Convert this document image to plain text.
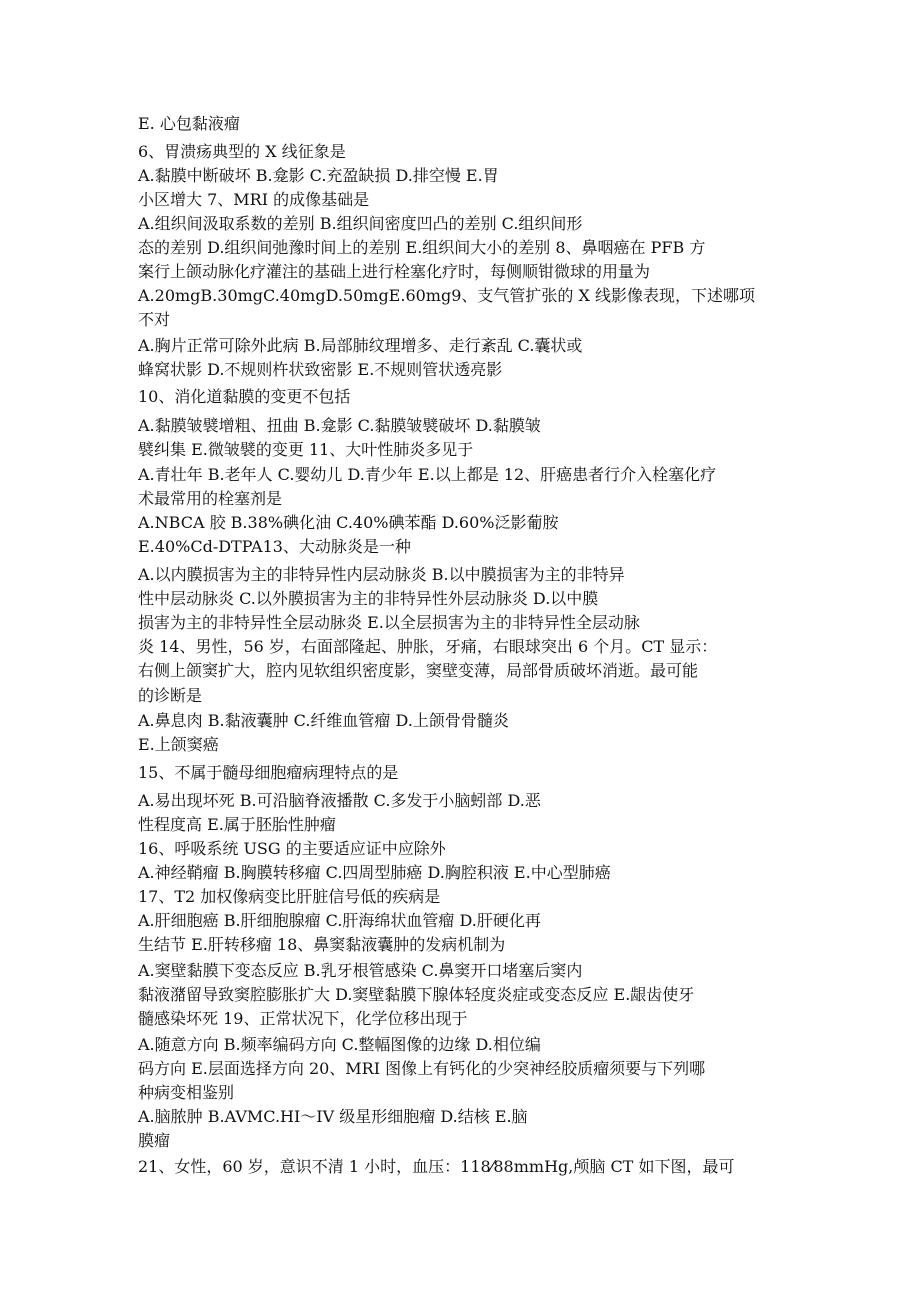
E. 心包黏液瘤
6、胃溃疡典型的 X 线征象是
A.黏膜中断破坏 B.龛影 C.充盈缺损 D.排空慢 E.胃
小区增大 7、MRI 的成像基础是
A.组织间汲取系数的差别 B.组织间密度凹凸的差别 C.组织间形
态的差别 D.组织间弛豫时间上的差别 E.组织间大小的差别 8、鼻咽癌在 PFB 方
案行上颌动脉化疗灌注的基础上进行栓塞化疗时，每侧顺钳微球的用量为
A.20mgB.30mgC.40mgD.50mgE.60mg9、支气管扩张的 X 线影像表现，下述哪项
不对
A.胸片正常可除外此病 B.局部肺纹理增多、走行紊乱 C.囊状或
蜂窝状影 D.不规则杵状致密影 E.不规则管状透亮影
10、消化道黏膜的变更不包括
A.黏膜皱襞增粗、扭曲 B.龛影 C.黏膜皱襞破坏 D.黏膜皱
襞纠集 E.微皱襞的变更 11、大叶性肺炎多见于
A.青壮年 B.老年人 C.婴幼儿 D.青少年 E.以上都是 12、肝癌患者行介入栓塞化疗
术最常用的栓塞剂是
A.NBCA 胶 B.38%碘化油 C.40%碘苯酯 D.60%泛影葡胺
E.40%Cd-DTPA13、大动脉炎是一种
A.以内膜损害为主的非特异性内层动脉炎 B.以中膜损害为主的非特异
性中层动脉炎 C.以外膜损害为主的非特异性外层动脉炎 D.以中膜
损害为主的非特异性全层动脉炎 E.以全层损害为主的非特异性全层动脉
炎 14、男性，56 岁，右面部隆起、肿胀，牙痛，右眼球突出 6 个月。CT 显示：
右侧上颌窦扩大，腔内见软组织密度影，窦壁变薄，局部骨质破坏消逝。最可能
的诊断是
A.鼻息肉 B.黏液囊肿 C.纤维血管瘤 D.上颌骨骨髓炎
E.上颌窦癌
15、不属于髓母细胞瘤病理特点的是
A.易出现坏死 B.可沿脑脊液播散 C.多发于小脑蚓部 D.恶
性程度高 E.属于胚胎性肿瘤
16、呼吸系统 USG 的主要适应证中应除外
A.神经鞘瘤 B.胸膜转移瘤 C.四周型肺癌 D.胸腔积液 E.中心型肺癌
17、T2 加权像病变比肝脏信号低的疾病是
A.肝细胞癌 B.肝细胞腺瘤 C.肝海绵状血管瘤 D.肝硬化再
生结节 E.肝转移瘤 18、鼻窦黏液囊肿的发病机制为
A.窦壁黏膜下变态反应 B.乳牙根管感染 C.鼻窦开口堵塞后窦内
黏液潴留导致窦腔膨胀扩大 D.窦壁黏膜下腺体轻度炎症或变态反应 E.龈齿使牙
髓感染坏死 19、正常状况下，化学位移出现于
A.随意方向 B.频率编码方向 C.整幅图像的边缘 D.相位编
码方向 E.层面选择方向 20、MRI 图像上有钙化的少突神经胶质瘤须要与下列哪
种病变相鉴别
A.脑脓肿 B.AVMC.HI～IV 级星形细胞瘤 D.结核 E.脑
膜瘤
21、女性，60 岁，意识不清 1 小时，血压：118⁄88mmHg,颅脑 CT 如下图，最可
